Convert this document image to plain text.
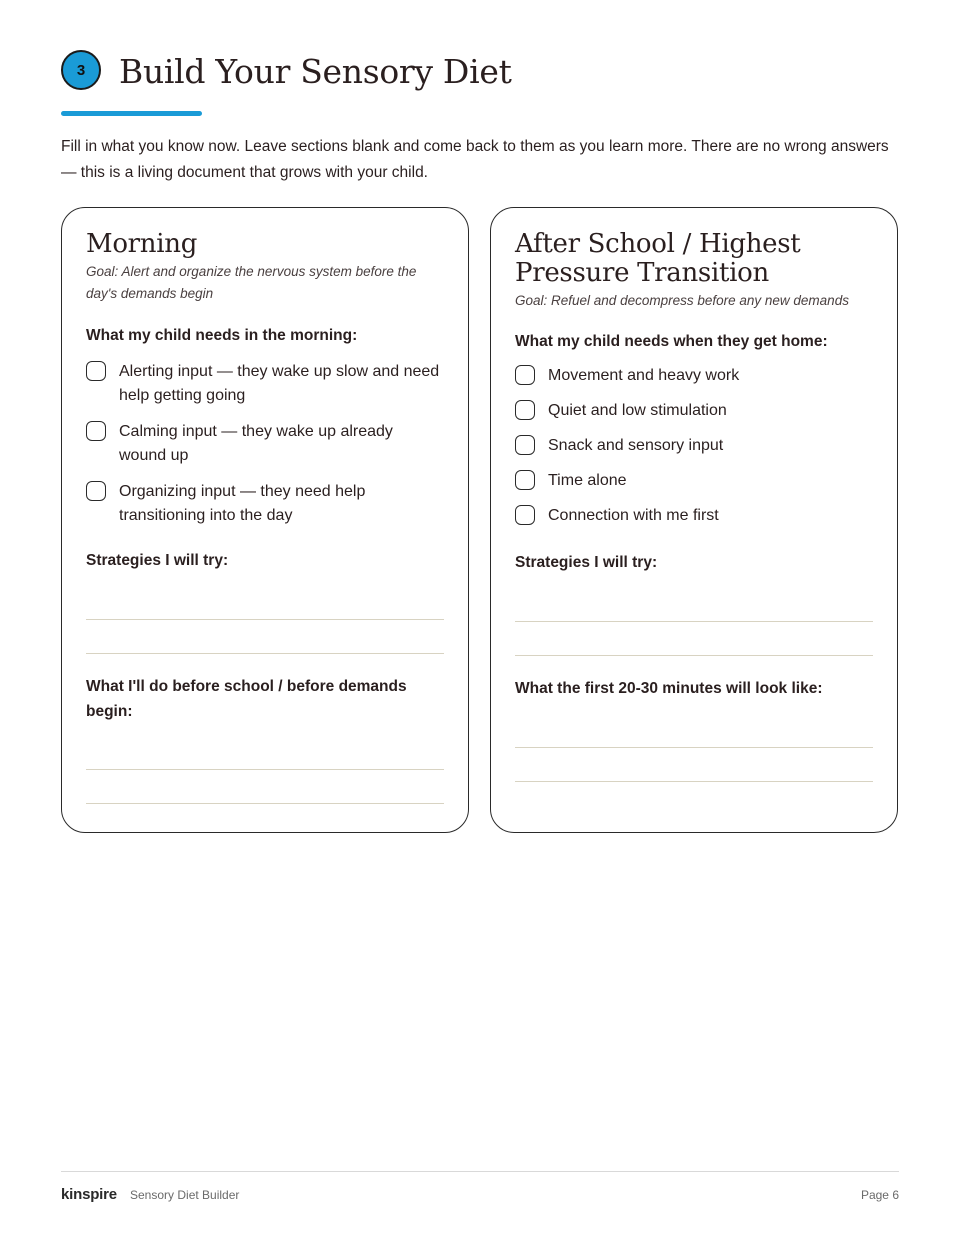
3	Build Your Sensory Diet
Fill in what you know now. Leave sections blank and come back to them as you learn more. There are no wrong answers — this is a living document that grows with your child.
Morning
Goal: Alert and organize the nervous system before the day's demands begin
What my child needs in the morning:
Alerting input — they wake up slow and need help getting going
Calming input — they wake up already wound up
Organizing input — they need help transitioning into the day
Strategies I will try:
What I'll do before school / before demands begin:
After School / Highest Pressure Transition
Goal: Refuel and decompress before any new demands
What my child needs when they get home:
Movement and heavy work
Quiet and low stimulation
Snack and sensory input
Time alone
Connection with me first
Strategies I will try:
What the first 20-30 minutes will look like:
kinspire Sensory Diet Builder	Page 6
